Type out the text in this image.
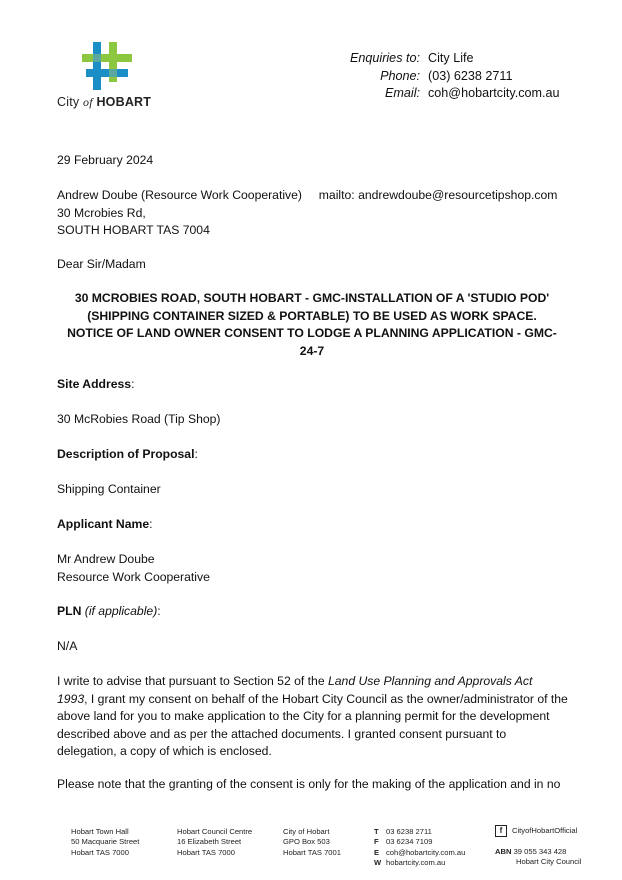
City of HOBART
Enquiries to: City Life
Phone: (03) 6238 2711
Email: coh@hobartcity.com.au
29 February 2024
Andrew Doube (Resource Work Cooperative) mailto: andrewdoube@resourcetipshop.com
30 Mcrobies Rd,
SOUTH HOBART TAS 7004
Dear Sir/Madam
30 MCROBIES ROAD, SOUTH HOBART - GMC-INSTALLATION OF A 'STUDIO POD'
(SHIPPING CONTAINER SIZED & PORTABLE) TO BE USED AS WORK SPACE.
NOTICE OF LAND OWNER CONSENT TO LODGE A PLANNING APPLICATION - GMC-
24-7
Site Address:
30 McRobies Road (Tip Shop)
Description of Proposal:
Shipping Container
Applicant Name:
Mr Andrew Doube
Resource Work Cooperative
PLN (if applicable):
N/A
I write to advise that pursuant to Section 52 of the Land Use Planning and Approvals Act
1993, I grant my consent on behalf of the Hobart City Council as the owner/administrator of the
above land for you to make application to the City for a planning permit for the development
described above and as per the attached documents. I granted consent pursuant to
delegation, a copy of which is enclosed.
Please note that the granting of the consent is only for the making of the application and in no
Hobart Town Hall
50 Macquarie Street
Hobart TAS 7000
Hobart Council Centre
16 Elizabeth Street
Hobart TAS 7000
City of Hobart
GPO Box 503
Hobart TAS 7001
T 03 6238 2711
F 03 6234 7109
E coh@hobartcity.com.au
W hobartcity.com.au
f CityofHobartOfficial
ABN 39 055 343 428
Hobart City Council
